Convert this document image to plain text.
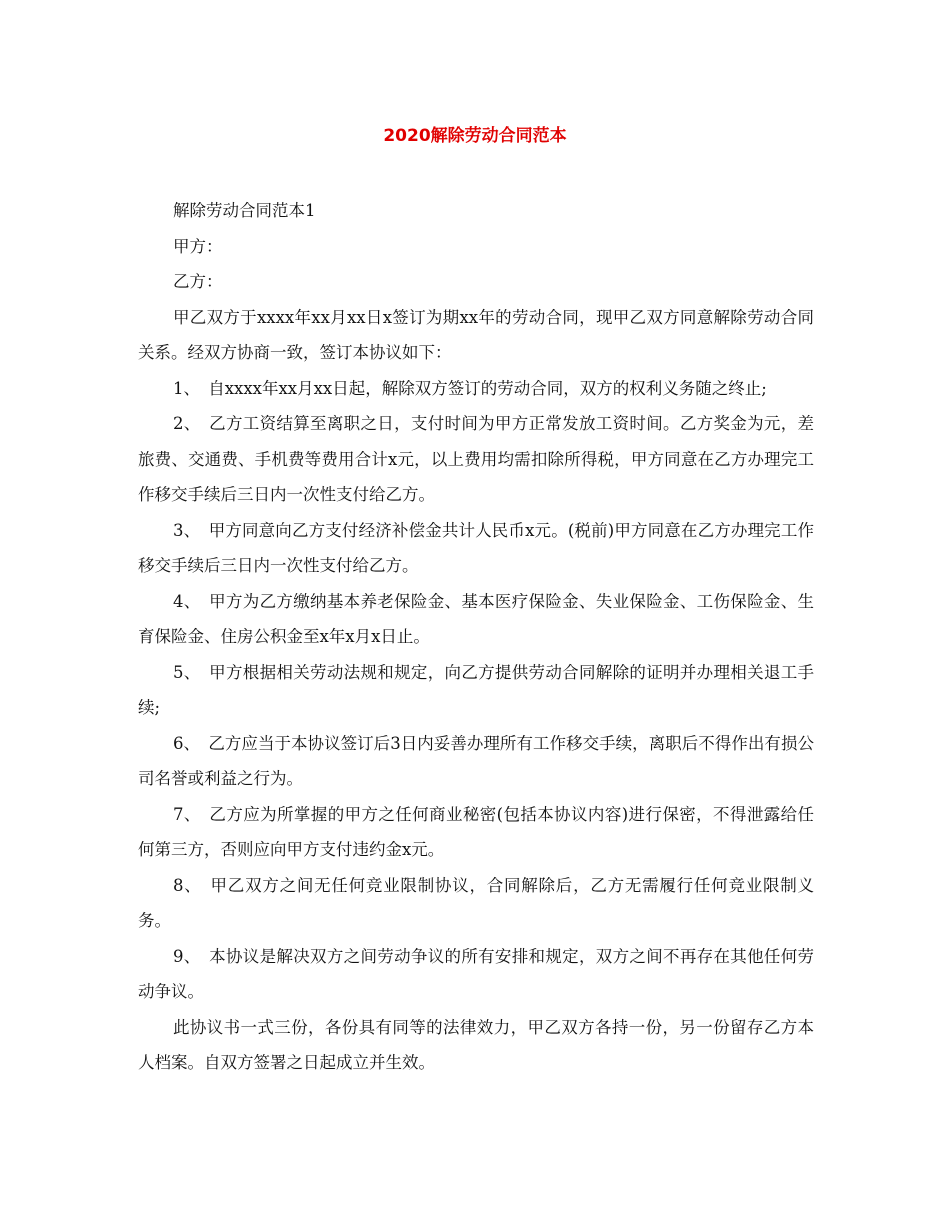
2020解除劳动合同范本

解除劳动合同范本1

甲方：

乙方：

甲乙双方于xxxx年xx月xx日x签订为期xx年的劳动合同，现甲乙双方同意解除劳动合同关系。经双方协商一致，签订本协议如下：

1、　自xxxx年xx月xx日起，解除双方签订的劳动合同，双方的权利义务随之终止;

2、　乙方工资结算至离职之日，支付时间为甲方正常发放工资时间。乙方奖金为元，差旅费、交通费、手机费等费用合计x元，以上费用均需扣除所得税，甲方同意在乙方办理完工作移交手续后三日内一次性支付给乙方。

3、　甲方同意向乙方支付经济补偿金共计人民币x元。(税前)甲方同意在乙方办理完工作移交手续后三日内一次性支付给乙方。

4、　甲方为乙方缴纳基本养老保险金、基本医疗保险金、失业保险金、工伤保险金、生育保险金、住房公积金至x年x月x日止。

5、　甲方根据相关劳动法规和规定，向乙方提供劳动合同解除的证明并办理相关退工手续;

6、　乙方应当于本协议签订后3日内妥善办理所有工作移交手续，离职后不得作出有损公司名誉或利益之行为。

7、　乙方应为所掌握的甲方之任何商业秘密(包括本协议内容)进行保密，不得泄露给任何第三方，否则应向甲方支付违约金x元。

8、　甲乙双方之间无任何竞业限制协议，合同解除后，乙方无需履行任何竞业限制义务。

9、　本协议是解决双方之间劳动争议的所有安排和规定，双方之间不再存在其他任何劳动争议。

此协议书一式三份，各份具有同等的法律效力，甲乙双方各持一份，另一份留存乙方本人档案。自双方签署之日起成立并生效。
